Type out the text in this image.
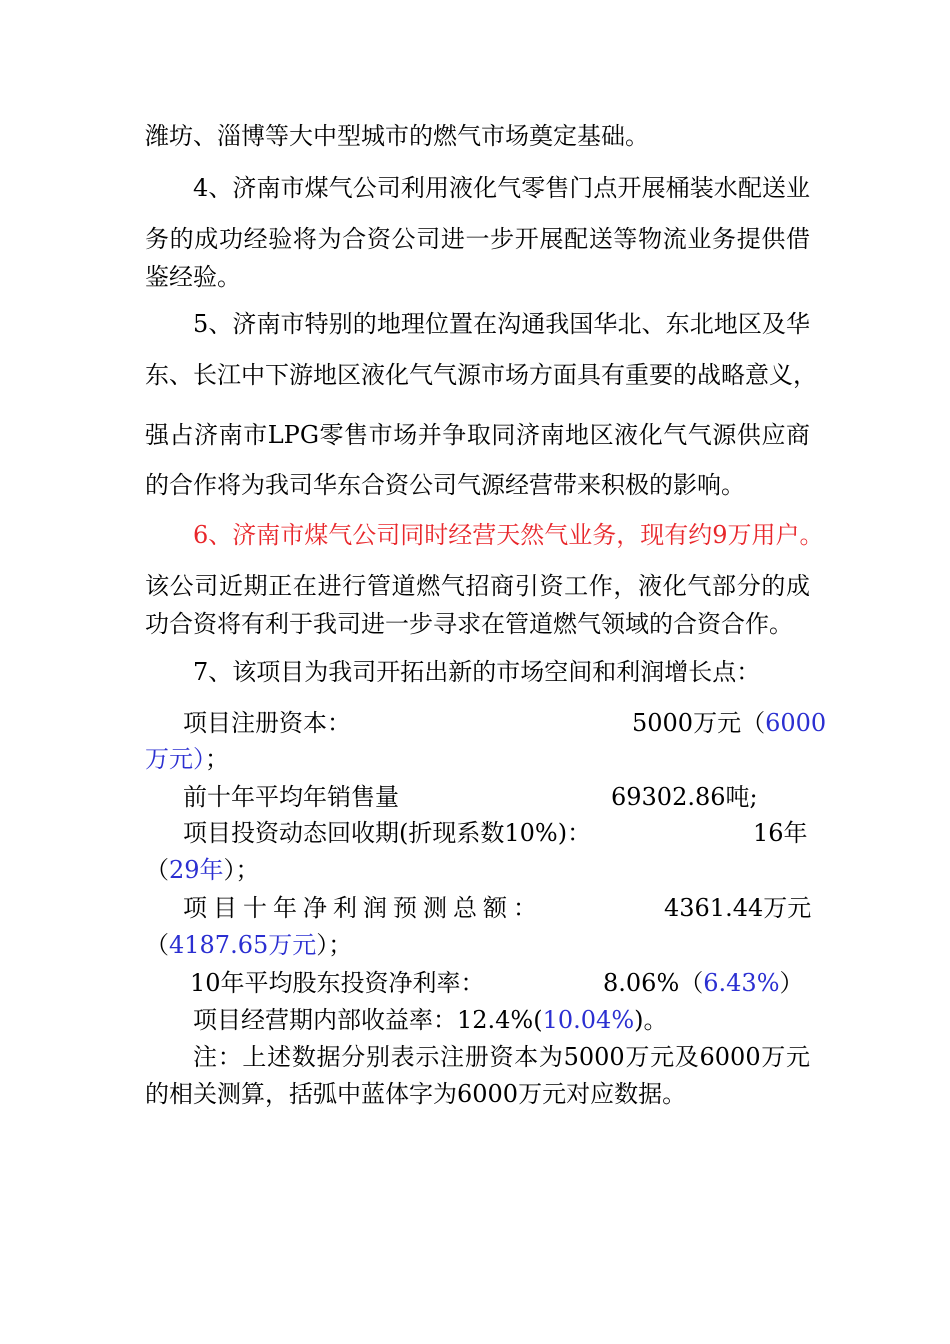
潍坊、淄博等大中型城市的燃气市场奠定基础。
4、济南市煤气公司利用液化气零售门点开展桶装水配送业
务的成功经验将为合资公司进一步开展配送等物流业务提供借
鉴经验。
5、济南市特别的地理位置在沟通我国华北、东北地区及华
东、长江中下游地区液化气气源市场方面具有重要的战略意义，
强占济南市LPG零售市场并争取同济南地区液化气气源供应商
的合作将为我司华东合资公司气源经营带来积极的影响。
6、济南市煤气公司同时经营天然气业务，现有约9万用户。
该公司近期正在进行管道燃气招商引资工作，液化气部分的成
功合资将有利于我司进一步寻求在管道燃气领域的合资合作。
7、该项目为我司开拓出新的市场空间和利润增长点：
项目注册资本：	5000万元（6000
万元）；
前十年平均年销售量	69302.86吨;
项目投资动态回收期(折现系数10%)：	16年
（29年）；
项目十年净利润预测总额：	4361.44万元
（4187.65万元）；
10年平均股东投资净利率：	8.06%（6.43%）
项目经营期内部收益率：12.4%(10.04%)。
注：上述数据分别表示注册资本为5000万元及6000万元
的相关测算，括弧中蓝体字为6000万元对应数据。
